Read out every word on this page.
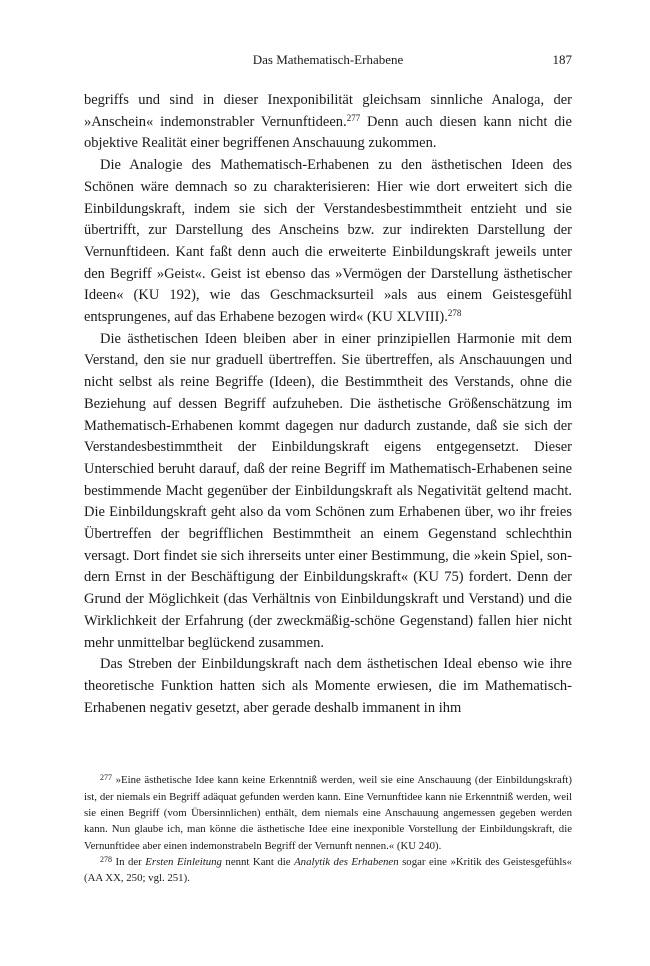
Das Mathematisch-Erhabene	187

begriffs und sind in dieser Inexponibilität gleichsam sinnliche Analoga, der »Anschein« indemonstrabler Vernunftideen.$^{277}$ Denn auch diesen kann nicht die objektive Realität einer begriffenen Anschauung zukommen.

Die Analogie des Mathematisch-Erhabenen zu den ästhetischen Ideen des Schönen wäre demnach so zu charakterisieren: Hier wie dort erweitert sich die Einbildungskraft, indem sie sich der Verstandesbestimmtheit entzieht und sie übertrifft, zur Darstellung des Anscheins bzw. zur indirekten Darstellung der Vernunftideen. Kant faßt denn auch die erweiterte Einbildungskraft jeweils unter den Begriff »Geist«. Geist ist ebenso das »Vermögen der Darstellung ästhetischer Ideen« (KU 192), wie das Geschmacksurteil »als aus einem Geistesgefühl entsprungenes, auf das Erhabene bezogen wird« (KU XLVIII).$^{278}$

Die ästhetischen Ideen bleiben aber in einer prinzipiellen Harmonie mit dem Verstand, den sie nur graduell übertreffen. Sie übertreffen, als Anschauungen und nicht selbst als reine Begriffe (Ideen), die Bestimmtheit des Verstands, ohne die Beziehung auf dessen Begriff aufzuheben. Die ästhetische Größenschätzung im Mathematisch-Erhabenen kommt dagegen nur dadurch zustande, daß sie sich der Verstandesbestimmtheit der Einbildungskraft eigens entgegensetzt. Dieser Unterschied beruht darauf, daß der reine Begriff im Mathematisch-Erhabenen seine bestimmende Macht gegenüber der Einbildungskraft als Negativität geltend macht. Die Einbildungskraft geht also da vom Schönen zum Erhabenen über, wo ihr freies Übertreffen der begrifflichen Bestimmtheit an einem Gegenstand schlechthin versagt. Dort findet sie sich ihrerseits unter einer Bestimmung, die »kein Spiel, sondern Ernst in der Beschäftigung der Einbildungskraft« (KU 75) fordert. Denn der Grund der Möglichkeit (das Verhältnis von Einbildungskraft und Verstand) und die Wirklichkeit der Erfahrung (der zweckmäßig-schöne Gegenstand) fallen hier nicht mehr unmittelbar beglückend zusammen.

Das Streben der Einbildungskraft nach dem ästhetischen Ideal ebenso wie ihre theoretische Funktion hatten sich als Momente erwiesen, die im Mathematisch-Erhabenen negativ gesetzt, aber gerade deshalb immanent in ihm

$^{277}$ »Eine ästhetische Idee kann keine Erkenntniß werden, weil sie eine Anschauung (der Einbildungskraft) ist, der niemals ein Begriff adäquat gefunden werden kann. Eine Vernunftidee kann nie Erkenntniß werden, weil sie einen Begriff (vom Übersinnlichen) enthält, dem niemals eine Anschauung angemessen gegeben werden kann. Nun glaube ich, man könne die ästhetische Idee eine inexponible Vorstellung der Einbildungskraft, die Vernunftidee aber einen indemonstrabeln Begriff der Vernunft nennen.« (KU 240).

$^{278}$ In der Ersten Einleitung nennt Kant die Analytik des Erhabenen sogar eine »Kritik des Geistesgefühls« (AA XX, 250; vgl. 251).
